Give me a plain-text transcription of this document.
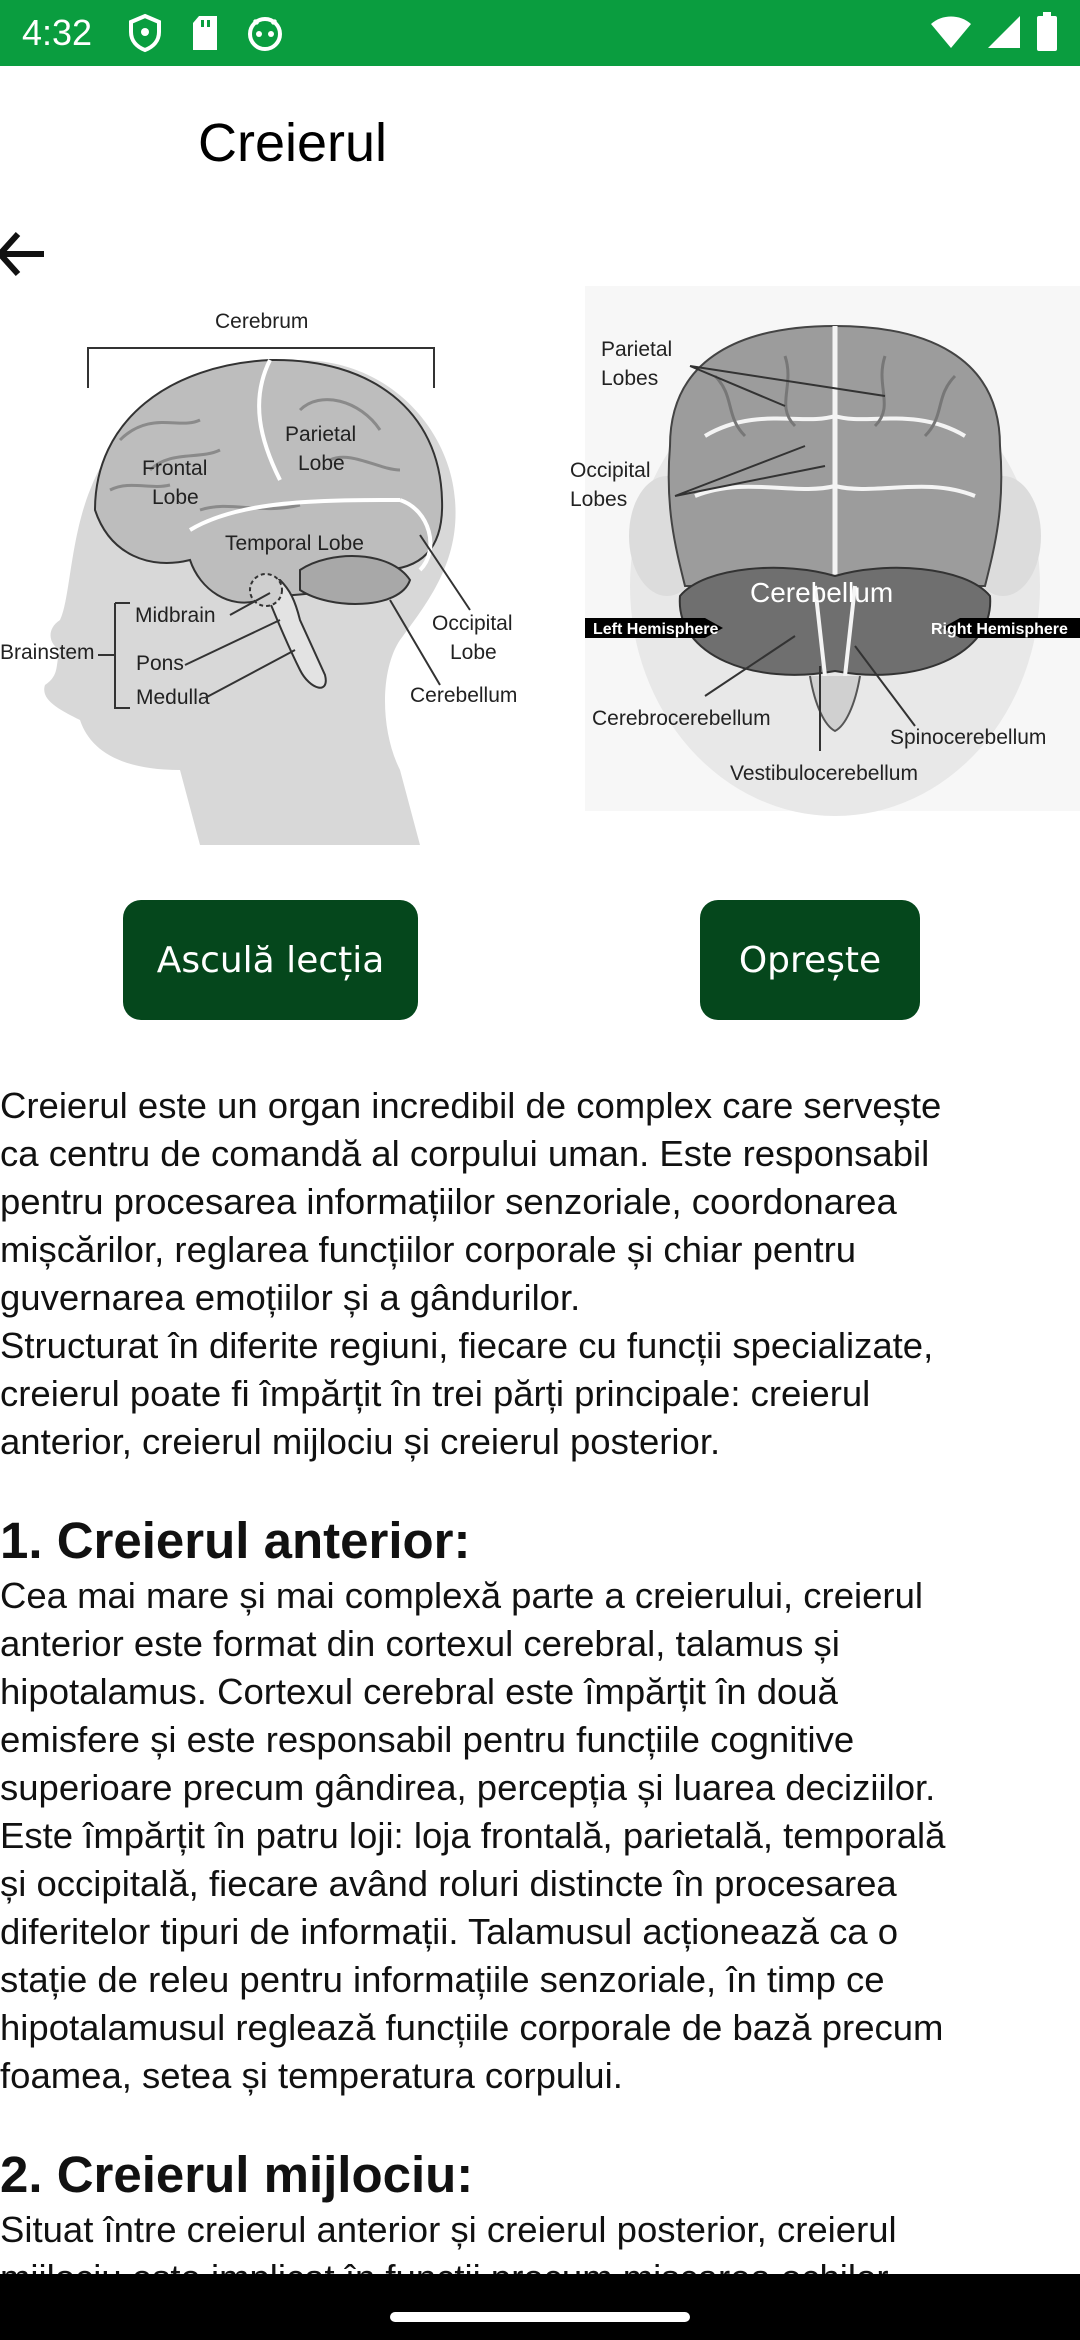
4:32
Creierul
Cerebrum
Frontal
Lobe
Parietal
Lobe
Temporal Lobe
Midbrain
Brainstem Pons
Medulla
Occipital
Lobe
Cerebellum
Cerebellum
Left Hemisphere	Right Hemisphere
Parietal
Lobes
Occipital
Lobes
Cerebrocerebellum
Spinocerebellum
Vestibulocerebellum
Asculă lecția	Oprește

Creierul este un organ incredibil de complex care servește
ca centru de comandă al corpului uman. Este responsabil
pentru procesarea informațiilor senzoriale, coordonarea
mișcărilor, reglarea funcțiilor corporale și chiar pentru
guvernarea emoțiilor și a gândurilor.
Structurat în diferite regiuni, fiecare cu funcții specializate,
creierul poate fi împărțit în trei părți principale: creierul
anterior, creierul mijlociu și creierul posterior.

1. Creierul anterior:

Cea mai mare și mai complexă parte a creierului, creierul
anterior este format din cortexul cerebral, talamus și
hipotalamus. Cortexul cerebral este împărțit în două
emisfere și este responsabil pentru funcțiile cognitive
superioare precum gândirea, percepția și luarea deciziilor.
Este împărțit în patru loji: loja frontală, parietală, temporală
și occipitală, fiecare având roluri distincte în procesarea
diferitelor tipuri de informații. Talamusul acționează ca o
stație de releu pentru informațiile senzoriale, în timp ce
hipotalamusul reglează funcțiile corporale de bază precum
foamea, setea și temperatura corpului.

2. Creierul mijlociu:

Situat între creierul anterior și creierul posterior, creierul
